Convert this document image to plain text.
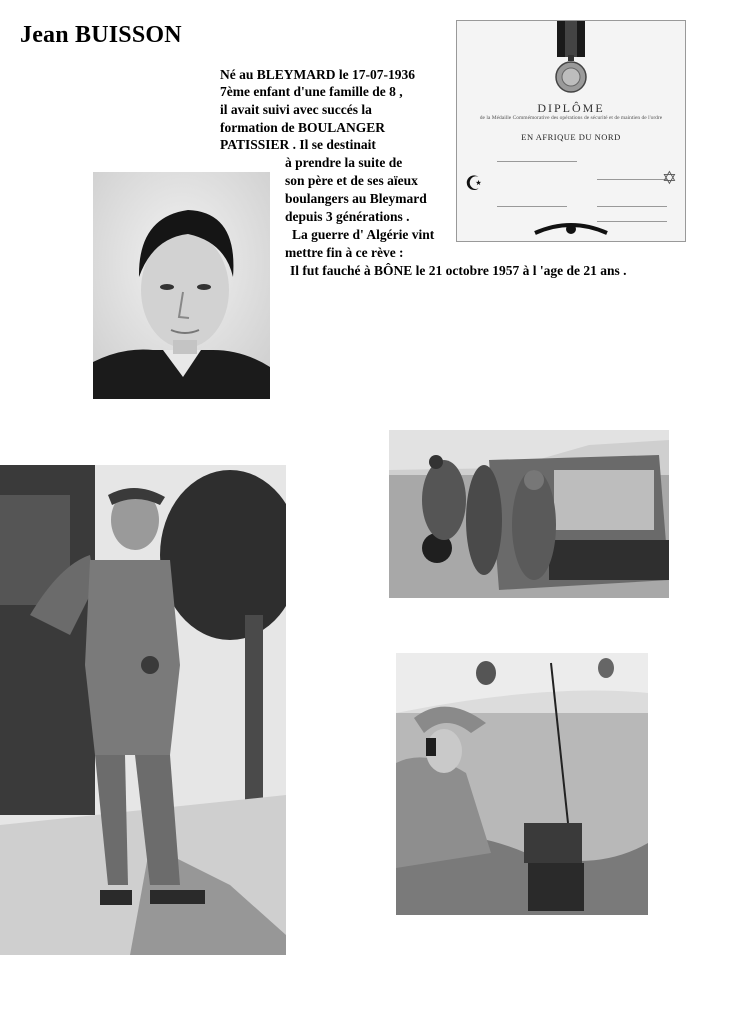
Jean BUISSON
Né au BLEYMARD le 17-07-1936
7ème enfant d'une famille de 8 ,
il avait suivi avec succés la
formation de BOULANGER
PATISSIER . Il se destinait
à prendre la suite de
son père et de ses aïeux
boulangers au Bleymard
depuis 3 générations .
La guerre d' Algérie vint
mettre fin à ce rève :
Il fut fauché à BÔNE le 21 octobre 1957 à l 'age de 21 ans .
DIPLÔME
de la Médaille Commémorative des opérations de sécurité et de maintien de l'ordre
EN AFRIQUE DU NORD
☪	✡
